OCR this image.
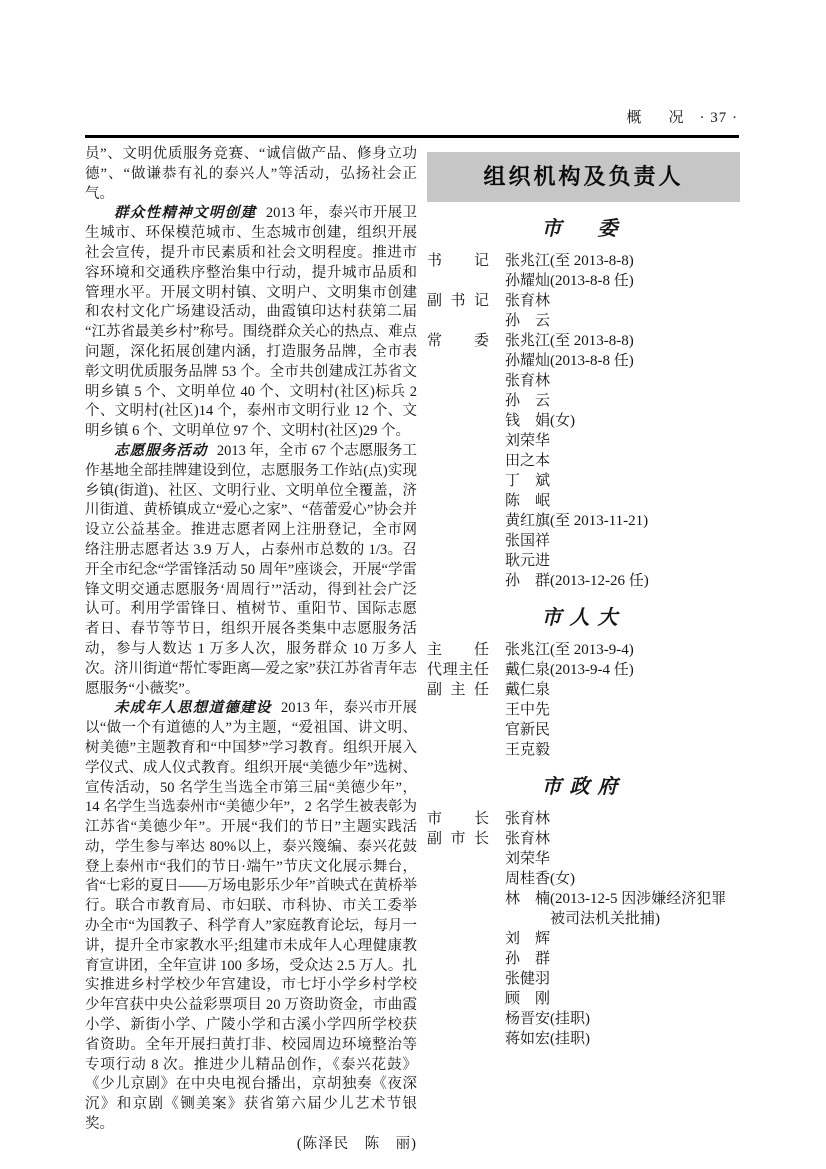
概　况 · 37 ·

员”、文明优质服务竞赛、“诚信做产品、修身立功德”、“做谦恭有礼的泰兴人”等活动，弘扬社会正气。

群众性精神文明创建 2013 年，泰兴市开展卫生城市、环保模范城市、生态城市创建，组织开展社会宣传，提升市民素质和社会文明程度。推进市容环境和交通秩序整治集中行动，提升城市品质和管理水平。开展文明村镇、文明户、文明集市创建和农村文化广场建设活动，曲霞镇印达村获第二届“江苏省最美乡村”称号。围绕群众关心的热点、难点问题，深化拓展创建内涵，打造服务品牌，全市表彰文明优质服务品牌 53 个。全市共创建成江苏省文明乡镇 5 个、文明单位 40 个、文明村(社区)标兵 2 个、文明村(社区)14 个，泰州市文明行业 12 个、文明乡镇 6 个、文明单位 97 个、文明村(社区)29 个。

志愿服务活动 2013 年，全市 67 个志愿服务工作基地全部挂牌建设到位，志愿服务工作站(点)实现乡镇(街道)、社区、文明行业、文明单位全覆盖，济川街道、黄桥镇成立“爱心之家”、“蓓蕾爱心”协会并设立公益基金。推进志愿者网上注册登记，全市网络注册志愿者达 3.9 万人，占泰州市总数的 1/3。召开全市纪念“学雷锋活动 50 周年”座谈会，开展“学雷锋文明交通志愿服务‘周周行’”活动，得到社会广泛认可。利用学雷锋日、植树节、重阳节、国际志愿者日、春节等节日，组织开展各类集中志愿服务活动，参与人数达 1 万多人次，服务群众 10 万多人次。济川街道“帮忙零距离—爱之家”获江苏省青年志愿服务“小薇奖”。

未成年人思想道德建设 2013 年，泰兴市开展以“做一个有道德的人”为主题，“爱祖国、讲文明、树美德”主题教育和“中国梦”学习教育。组织开展入学仪式、成人仪式教育。组织开展“美德少年”选树、宣传活动，50 名学生当选全市第三届“美德少年”，14 名学生当选泰州市“美德少年”，2 名学生被表彰为江苏省“美德少年”。开展“我们的节日”主题实践活动，学生参与率达 80%以上，泰兴篾编、泰兴花鼓登上泰州市“我们的节日·端午”节庆文化展示舞台，省“七彩的夏日——万场电影乐少年”首映式在黄桥举行。联合市教育局、市妇联、市科协、市关工委举办全市“为国教子、科学育人”家庭教育论坛，每月一讲，提升全市家教水平;组建市未成年人心理健康教育宣讲团，全年宣讲 100 多场，受众达 2.5 万人。扎实推进乡村学校少年宫建设，市七圩小学乡村学校少年宫获中央公益彩票项目 20 万资助资金，市曲霞小学、新街小学、广陵小学和古溪小学四所学校获省资助。全年开展扫黄打非、校园周边环境整治等专项行动 8 次。推进少儿精品创作，《泰兴花鼓》《少儿京剧》在中央电视台播出，京胡独奏《夜深沉》和京剧《铡美案》获省第六届少儿艺术节银奖。

(陈泽民　陈　丽)

组织机构及负责人
市　委
书记 张兆江(至 2013-8-8)
孙耀灿(2013-8-8 任)
副书记 张育林
孙　云
常委 张兆江(至 2013-8-8)
孙耀灿(2013-8-8 任)
张育林
孙　云
钱　娟(女)
刘荣华
田之本
丁　斌
陈　岷
黄红旗(至 2013-11-21)
张国祥
耿元进
孙　群(2013-12-26 任)
市人大
主任 张兆江(至 2013-9-4)
代理主任 戴仁泉(2013-9-4 任)
副主任 戴仁泉
王中先
官新民
王克毅
市政府
市长 张育林
副市长 张育林
刘荣华
周桂香(女)
林　楠(2013-12-5 因涉嫌经济犯罪被司法机关批捕)
刘　辉
孙　群
张健羽
顾　刚
杨晋安(挂职)
蒋如宏(挂职)
